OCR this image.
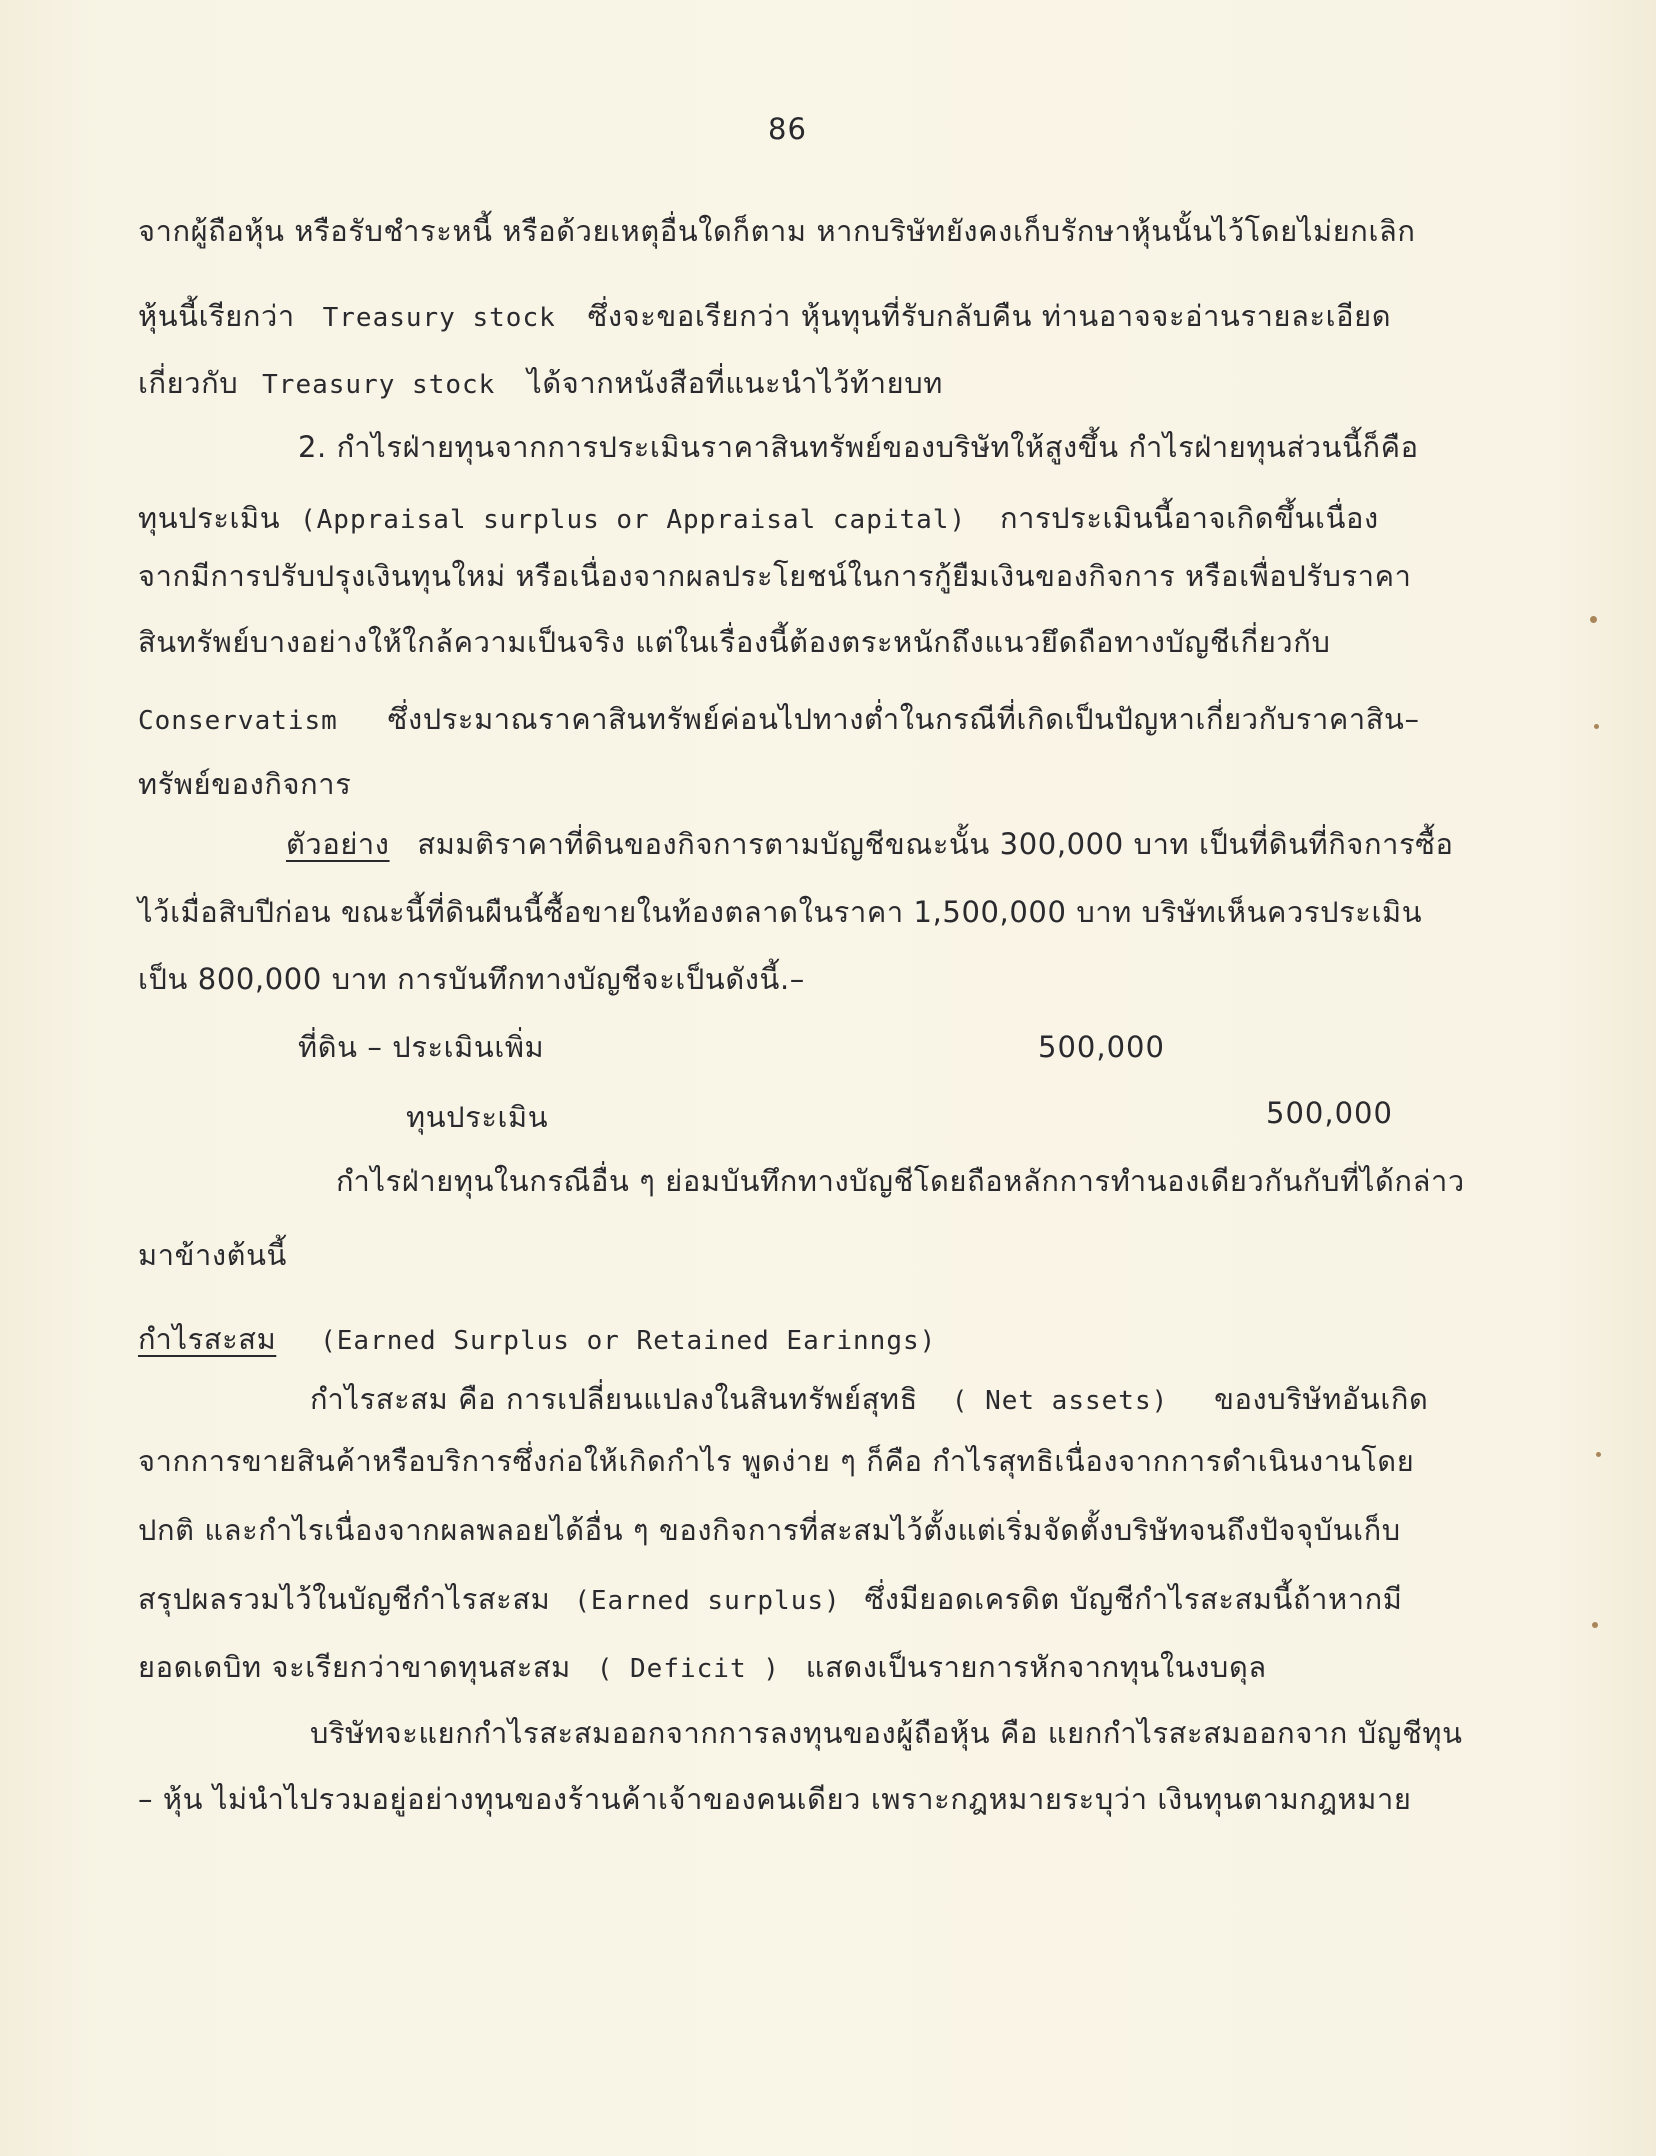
86
จากผู้ถือหุ้น หรือรับชำระหนี้ หรือด้วยเหตุอื่นใดก็ตาม หากบริษัทยังคงเก็บรักษาหุ้นนั้นไว้โดยไม่ยกเลิก
หุ้นนี้เรียกว่า Treasury stock ซึ่งจะขอเรียกว่า หุ้นทุนที่รับกลับคืน ท่านอาจจะอ่านรายละเอียด
เกี่ยวกับ Treasury stock ได้จากหนังสือที่แนะนำไว้ท้ายบท
2. กำไรฝ่ายทุนจากการประเมินราคาสินทรัพย์ของบริษัทให้สูงขึ้น กำไรฝ่ายทุนส่วนนี้ก็คือ
ทุนประเมิน (Appraisal surplus or Appraisal capital) การประเมินนี้อาจเกิดขึ้นเนื่อง
จากมีการปรับปรุงเงินทุนใหม่ หรือเนื่องจากผลประโยชน์ในการกู้ยืมเงินของกิจการ หรือเพื่อปรับราคา
สินทรัพย์บางอย่างให้ใกล้ความเป็นจริง แต่ในเรื่องนี้ต้องตระหนักถึงแนวยึดถือทางบัญชีเกี่ยวกับ
Conservatism ซึ่งประมาณราคาสินทรัพย์ค่อนไปทางต่ำในกรณีที่เกิดเป็นปัญหาเกี่ยวกับราคาสิน–
ทรัพย์ของกิจการ
ตัวอย่าง สมมติราคาที่ดินของกิจการตามบัญชีขณะนั้น 300,000 บาท เป็นที่ดินที่กิจการซื้อ
ไว้เมื่อสิบปีก่อน ขณะนี้ที่ดินผืนนี้ซื้อขายในท้องตลาดในราคา 1,500,000 บาท บริษัทเห็นควรประเมิน
เป็น 800,000 บาท การบันทึกทางบัญชีจะเป็นดังนี้.–
ที่ดิน – ประเมินเพิ่ม	500,000
ทุนประเมิน	500,000
กำไรฝ่ายทุนในกรณีอื่น ๆ ย่อมบันทึกทางบัญชีโดยถือหลักการทำนองเดียวกันกับที่ได้กล่าว
มาข้างต้นนี้
กำไรสะสม (Earned Surplus or Retained Earinngs)
กำไรสะสม คือ การเปลี่ยนแปลงในสินทรัพย์สุทธิ ( Net assets) ของบริษัทอันเกิด
จากการขายสินค้าหรือบริการซึ่งก่อให้เกิดกำไร พูดง่าย ๆ ก็คือ กำไรสุทธิเนื่องจากการดำเนินงานโดย
ปกติ และกำไรเนื่องจากผลพลอยได้อื่น ๆ ของกิจการที่สะสมไว้ตั้งแต่เริ่มจัดตั้งบริษัทจนถึงปัจจุบันเก็บ
สรุปผลรวมไว้ในบัญชีกำไรสะสม (Earned surplus) ซึ่งมียอดเครดิต บัญชีกำไรสะสมนี้ถ้าหากมี
ยอดเดบิท จะเรียกว่าขาดทุนสะสม ( Deficit ) แสดงเป็นรายการหักจากทุนในงบดุล
บริษัทจะแยกกำไรสะสมออกจากการลงทุนของผู้ถือหุ้น คือ แยกกำไรสะสมออกจาก บัญชีทุน
– หุ้น ไม่นำไปรวมอยู่อย่างทุนของร้านค้าเจ้าของคนเดียว เพราะกฎหมายระบุว่า เงินทุนตามกฎหมาย
